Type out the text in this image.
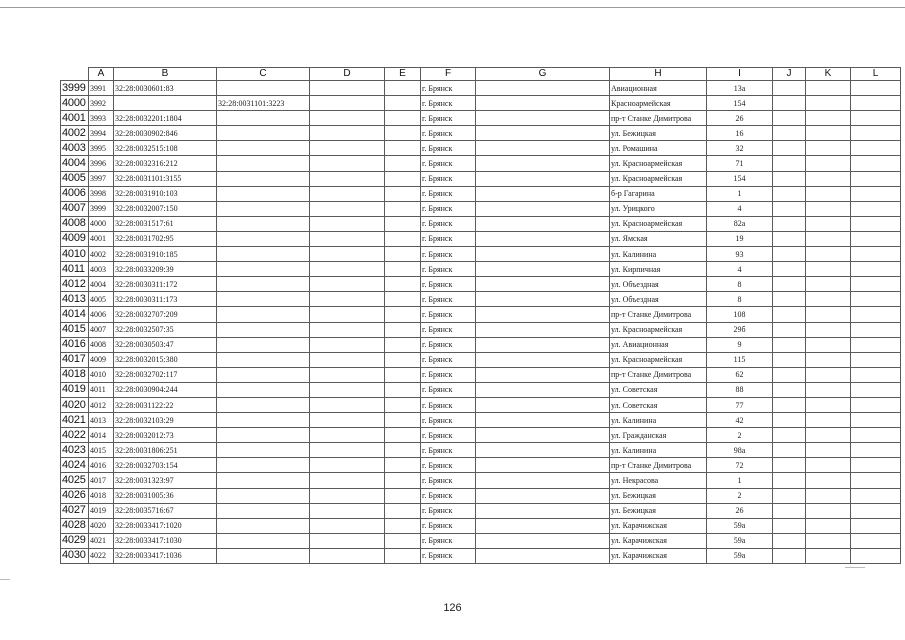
	A	B	C	D	E	F	G	H	I	J	K	L
3999	3991	32:28:0030601:83				г. Брянск		Авиационная	13а			
4000	3992		32:28:0031101:3223			г. Брянск		Красноармейская	154			
4001	3993	32:28:0032201:1804				г. Брянск		пр-т Станке Димитрова	26			
4002	3994	32:28:0030902:846				г. Брянск		ул. Бежицкая	16			
4003	3995	32:28:0032515:108				г. Брянск		ул. Ромашина	32			
4004	3996	32:28:0032316:212				г. Брянск		ул. Красноармейская	71			
4005	3997	32:28:0031101:3155				г. Брянск		ул. Красноармейская	154			
4006	3998	32:28:0031910:103				г. Брянск		б-р Гагарина	1			
4007	3999	32:28:0032007:150				г. Брянск		ул. Урицкого	4			
4008	4000	32:28:0031517:61				г. Брянск		ул. Красноармейская	82а			
4009	4001	32:28:0031702:95				г. Брянск		ул. Ямская	19			
4010	4002	32:28:0031910:185				г. Брянск		ул. Калинина	93			
4011	4003	32:28:0033209:39				г. Брянск		ул. Кирпичная	4			
4012	4004	32:28:0030311:172				г. Брянск		ул. Объездная	8			
4013	4005	32:28:0030311:173				г. Брянск		ул. Объездная	8			
4014	4006	32:28:0032707:209				г. Брянск		пр-т Станке Димитрова	108			
4015	4007	32:28:0032507:35				г. Брянск		ул. Красноармейская	29б			
4016	4008	32:28:0030503:47				г. Брянск		ул. Авиационная	9			
4017	4009	32:28:0032015:380				г. Брянск		ул. Красноармейская	115			
4018	4010	32:28:0032702:117				г. Брянск		пр-т Станке Димитрова	62			
4019	4011	32:28:0030904:244				г. Брянск		ул. Советская	88			
4020	4012	32:28:0031122:22				г. Брянск		ул. Советская	77			
4021	4013	32:28:0032103:29				г. Брянск		ул. Калинина	42			
4022	4014	32:28:0032012:73				г. Брянск		ул. Гражданская	2			
4023	4015	32:28:0031806:251				г. Брянск		ул. Калинина	98а			
4024	4016	32:28:0032703:154				г. Брянск		пр-т Станке Димитрова	72			
4025	4017	32:28:0031323:97				г. Брянск		ул. Некрасова	1			
4026	4018	32:28:0031005:36				г. Брянск		ул. Бежицкая	2			
4027	4019	32:28:0035716:67				г. Брянск		ул. Бежицкая	26			
4028	4020	32:28:0033417:1020				г. Брянск		ул. Карачижская	59а			
4029	4021	32:28:0033417:1030				г. Брянск		ул. Карачижская	59а			
4030	4022	32:28:0033417:1036				г. Брянск		ул. Карачижская	59а			
126
